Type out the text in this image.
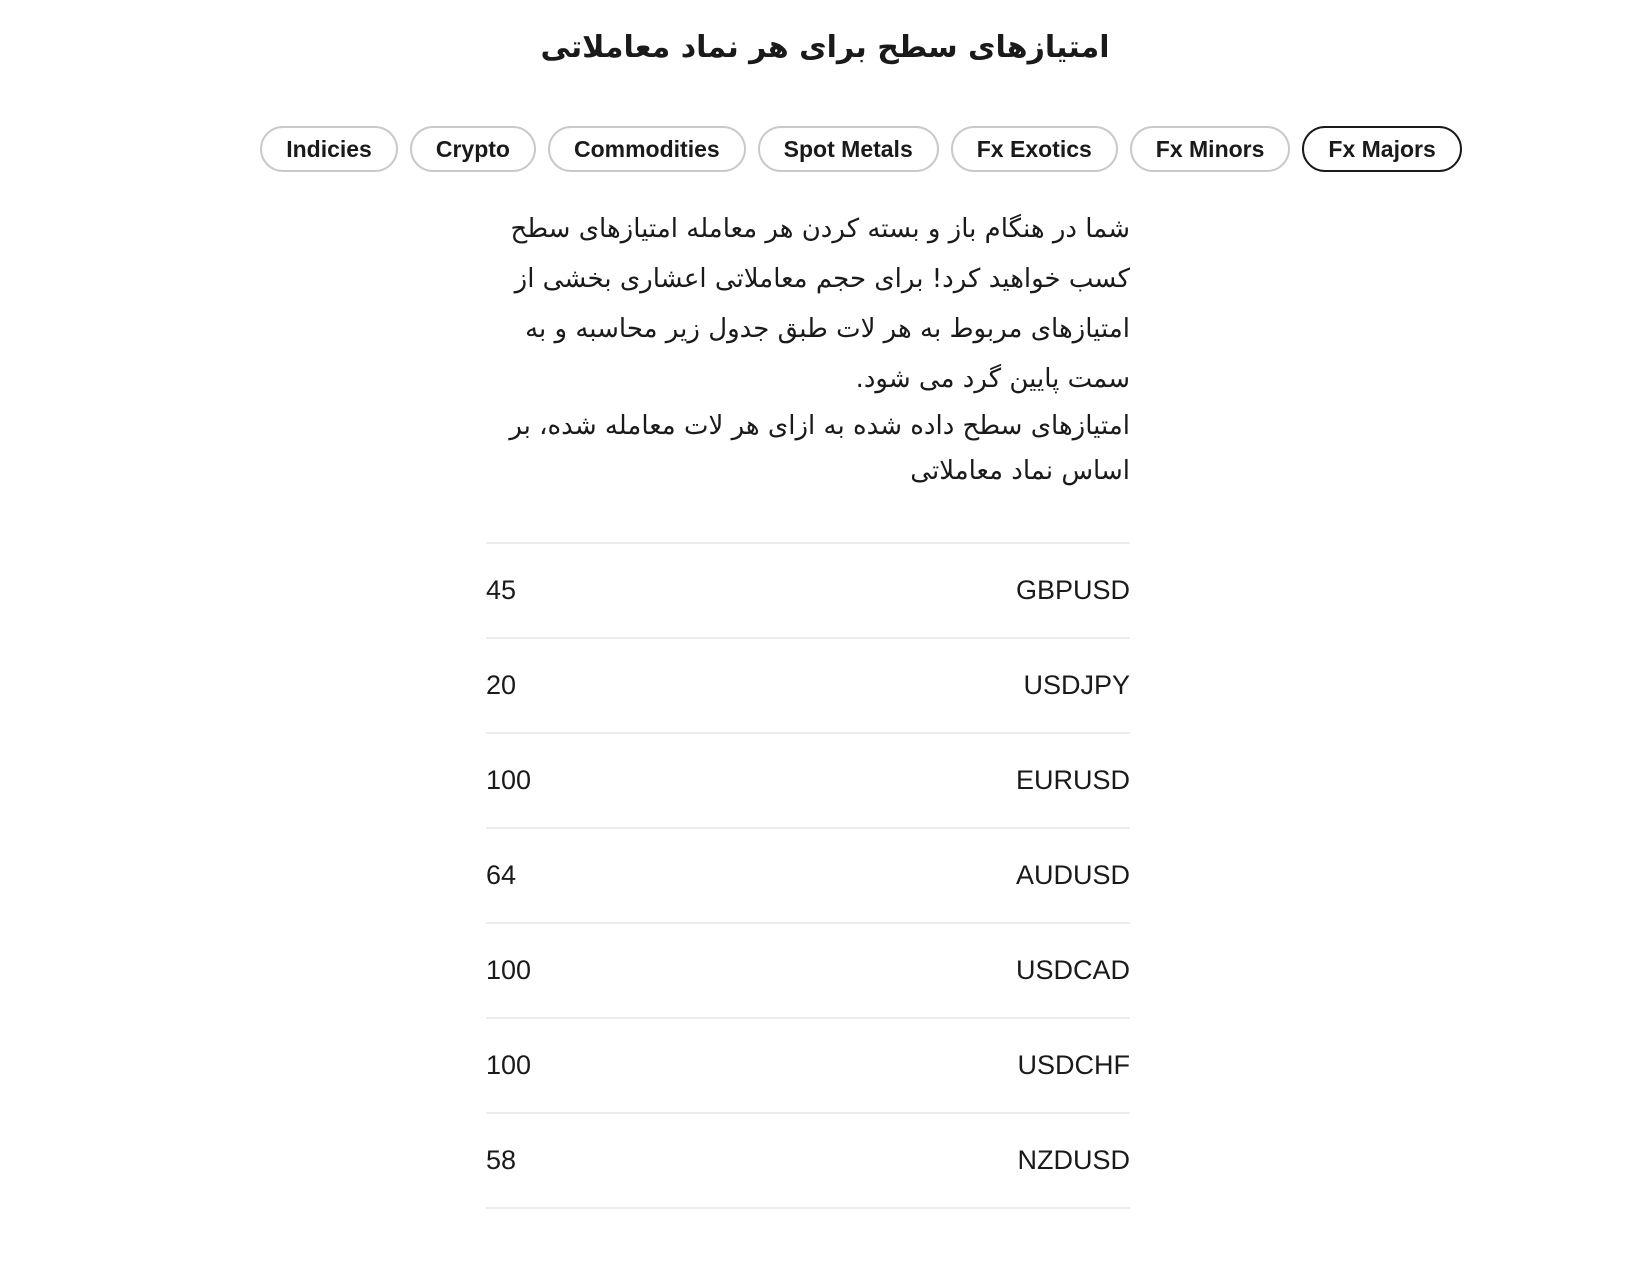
امتیازهای سطح برای هر نماد معاملاتی
Fx Majors
Fx Minors
Fx Exotics
Spot Metals
Commodities
Crypto
Indicies

شما در هنگام باز و بسته کردن هر معامله امتیازهای سطح کسب خواهید کرد! برای حجم معاملاتی اعشاری بخشی از امتیازهای مربوط به هر لات طبق جدول زیر محاسبه و به سمت پایین گرد می شود.

امتیازهای سطح داده شده به ازای هر لات معامله شده، بر اساس نماد معاملاتی

45	GBPUSD
20	USDJPY
100	EURUSD
64	AUDUSD
100	USDCAD
100	USDCHF
58	NZDUSD
